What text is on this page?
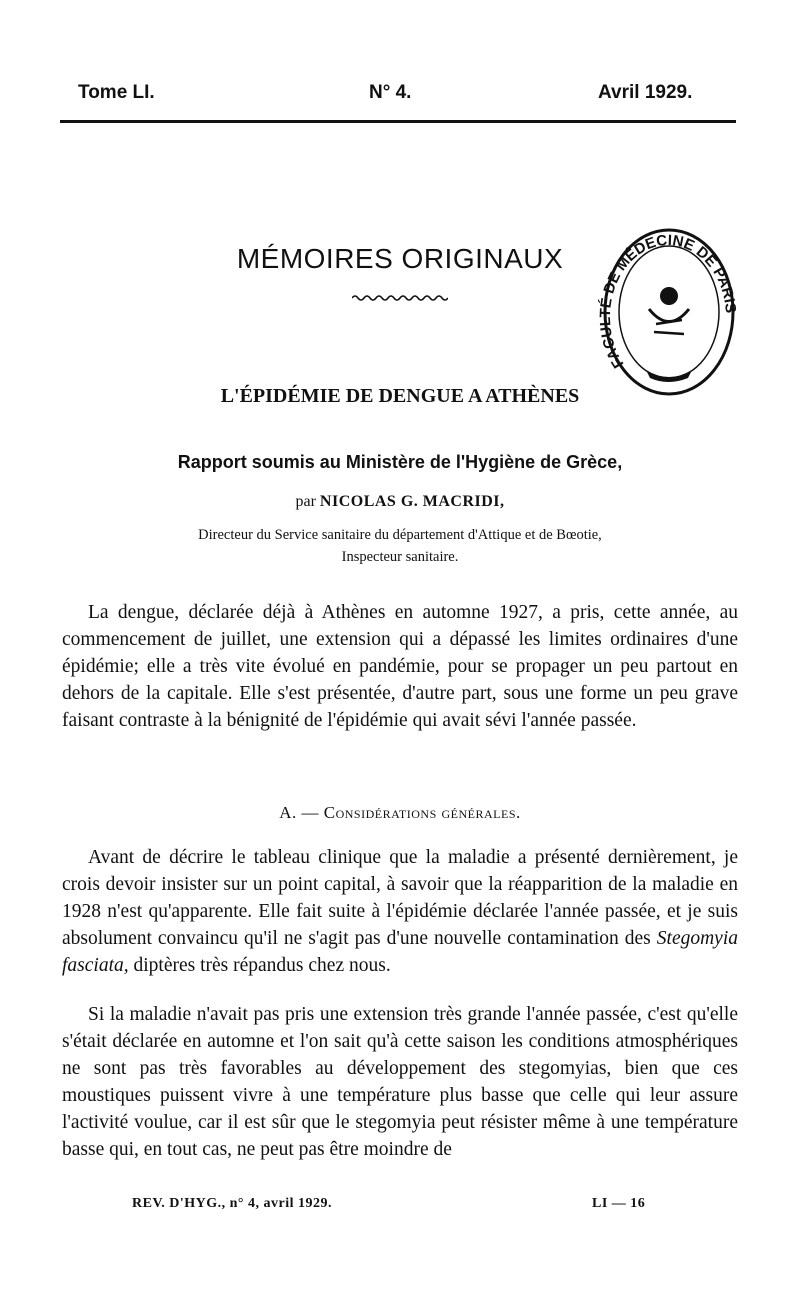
Tome LI.	N° 4.	Avril 1929.
MÉMOIRES ORIGINAUX
FACULTÉ DE MÉDECINE DE PARIS
L'ÉPIDÉMIE DE DENGUE A ATHÈNES
Rapport soumis au Ministère de l'Hygiène de Grèce,
par NICOLAS G. MACRIDI,
Directeur du Service sanitaire du département d'Attique et de Bœotie,
Inspecteur sanitaire.
La dengue, déclarée déjà à Athènes en automne 1927, a pris, cette année, au commencement de juillet, une extension qui a dépassé les limites ordinaires d'une épidémie; elle a très vite évolué en pandémie, pour se propager un peu partout en dehors de la capitale. Elle s'est présentée, d'autre part, sous une forme un peu grave faisant contraste à la bénignité de l'épidémie qui avait sévi l'année passée.
A. — Considérations générales.
Avant de décrire le tableau clinique que la maladie a présenté dernièrement, je crois devoir insister sur un point capital, à savoir que la réapparition de la maladie en 1928 n'est qu'apparente. Elle fait suite à l'épidémie déclarée l'année passée, et je suis absolument convaincu qu'il ne s'agit pas d'une nouvelle contamination des Stegomyia fasciata, diptères très répandus chez nous.
Si la maladie n'avait pas pris une extension très grande l'année passée, c'est qu'elle s'était déclarée en automne et l'on sait qu'à cette saison les conditions atmosphériques ne sont pas très favorables au développement des stegomyias, bien que ces moustiques puissent vivre à une température plus basse que celle qui leur assure l'activité voulue, car il est sûr que le stegomyia peut résister même à une température basse qui, en tout cas, ne peut pas être moindre de
REV. D'HYG., n° 4, avril 1929.	LI — 16
